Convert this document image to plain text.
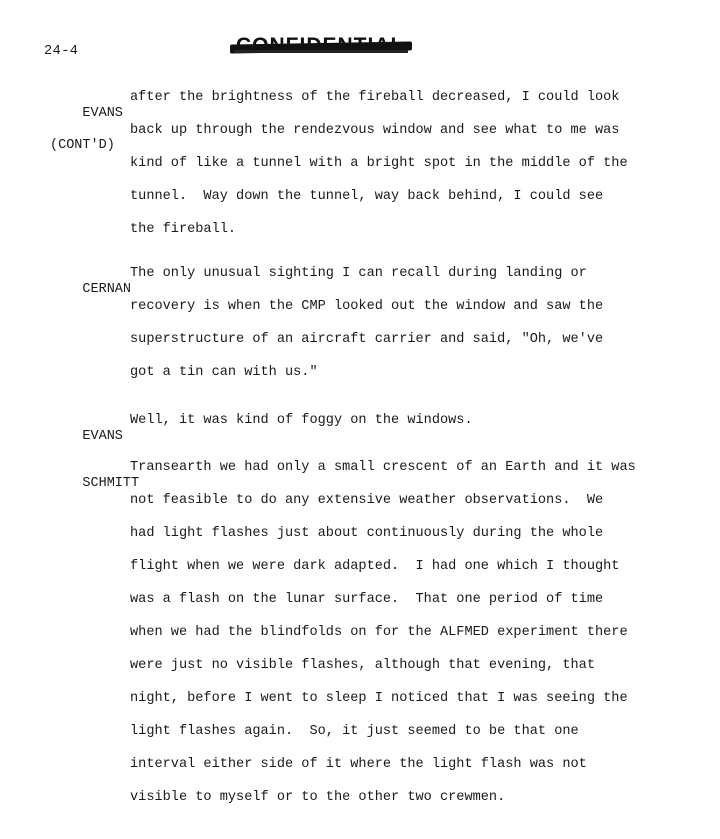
24-4

EVANS

(CONT'D)

after the brightness of the fireball decreased, I could look
back up through the rendezvous window and see what to me was
kind of like a tunnel with a bright spot in the middle of the
tunnel.  Way down the tunnel, way back behind, I could see
the fireball.

CERNAN

The only unusual sighting I can recall during landing or
recovery is when the CMP looked out the window and saw the
superstructure of an aircraft carrier and said, "Oh, we've
got a tin can with us."

EVANS

Well, it was kind of foggy on the windows.

SCHMITT

Transearth we had only a small crescent of an Earth and it was
not feasible to do any extensive weather observations.  We
had light flashes just about continuously during the whole
flight when we were dark adapted.  I had one which I thought
was a flash on the lunar surface.  That one period of time
when we had the blindfolds on for the ALFMED experiment there
were just no visible flashes, although that evening, that
night, before I went to sleep I noticed that I was seeing the
light flashes again.  So, it just seemed to be that one
interval either side of it where the light flash was not
visible to myself or to the other two crewmen.
